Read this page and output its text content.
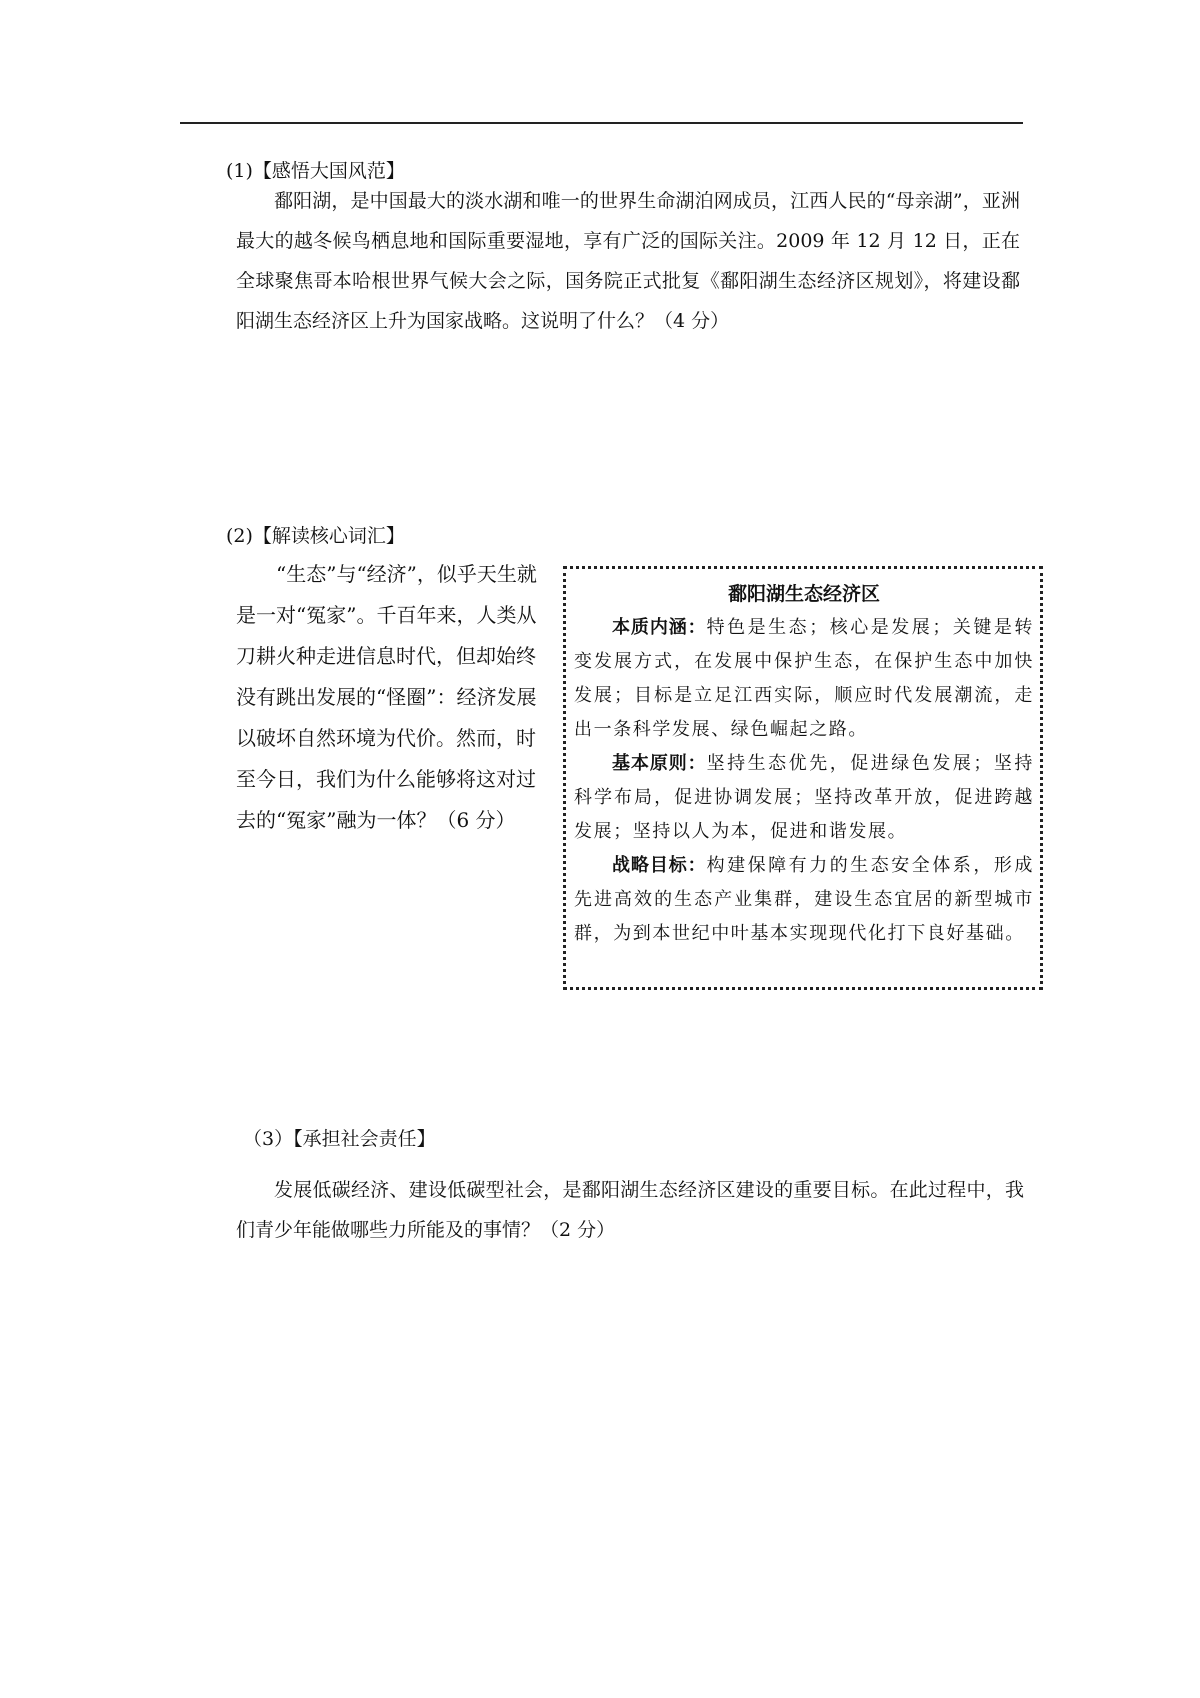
(1)【感悟大国风范】
鄱阳湖，是中国最大的淡水湖和唯一的世界生命湖泊网成员，江西人民的“母亲湖”，亚洲最大的越冬候鸟栖息地和国际重要湿地，享有广泛的国际关注。2009 年 12 月 12 日，正在全球聚焦哥本哈根世界气候大会之际，国务院正式批复《鄱阳湖生态经济区规划》，将建设鄱阳湖生态经济区上升为国家战略。这说明了什么？（4 分）
(2)【解读核心词汇】
“生态”与“经济”，似乎天生就是一对“冤家”。千百年来，人类从刀耕火种走进信息时代，但却始终没有跳出发展的“怪圈”：经济发展以破坏自然环境为代价。然而，时至今日，我们为什么能够将这对过去的“冤家”融为一体？（6 分）
鄱阳湖生态经济区
本质内涵：特色是生态；核心是发展；关键是转变发展方式，在发展中保护生态，在保护生态中加快发展；目标是立足江西实际，顺应时代发展潮流，走出一条科学发展、绿色崛起之路。
基本原则：坚持生态优先，促进绿色发展；坚持科学布局，促进协调发展；坚持改革开放，促进跨越发展；坚持以人为本，促进和谐发展。
战略目标：构建保障有力的生态安全体系，形成先进高效的生态产业集群，建设生态宜居的新型城市群，为到本世纪中叶基本实现现代化打下良好基础。
（3）【承担社会责任】
发展低碳经济、建设低碳型社会，是鄱阳湖生态经济区建设的重要目标。在此过程中，我们青少年能做哪些力所能及的事情？（2 分）
